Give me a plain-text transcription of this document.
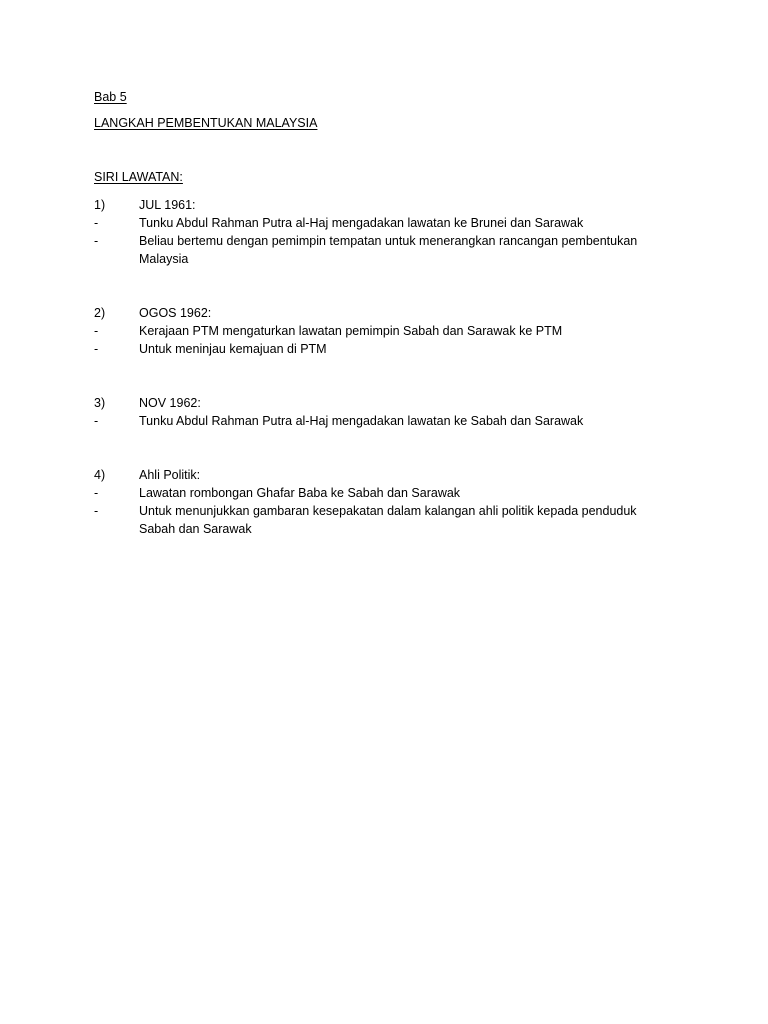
Bab 5

LANGKAH PEMBENTUKAN MALAYSIA

SIRI LAWATAN:

1)	JUL 1961:
-	Tunku Abdul Rahman Putra al-Haj mengadakan lawatan ke Brunei dan Sarawak
-	Beliau bertemu dengan pemimpin tempatan untuk menerangkan rancangan pembentukan Malaysia
2)	OGOS 1962:
-	Kerajaan PTM mengaturkan lawatan pemimpin Sabah dan Sarawak ke PTM
-	Untuk meninjau kemajuan di PTM
3)	NOV 1962:
-	Tunku Abdul Rahman Putra al-Haj mengadakan lawatan ke Sabah dan Sarawak
4)	Ahli Politik:
-	Lawatan rombongan Ghafar Baba ke Sabah dan Sarawak
-	Untuk menunjukkan gambaran kesepakatan dalam kalangan ahli politik kepada penduduk Sabah dan Sarawak
